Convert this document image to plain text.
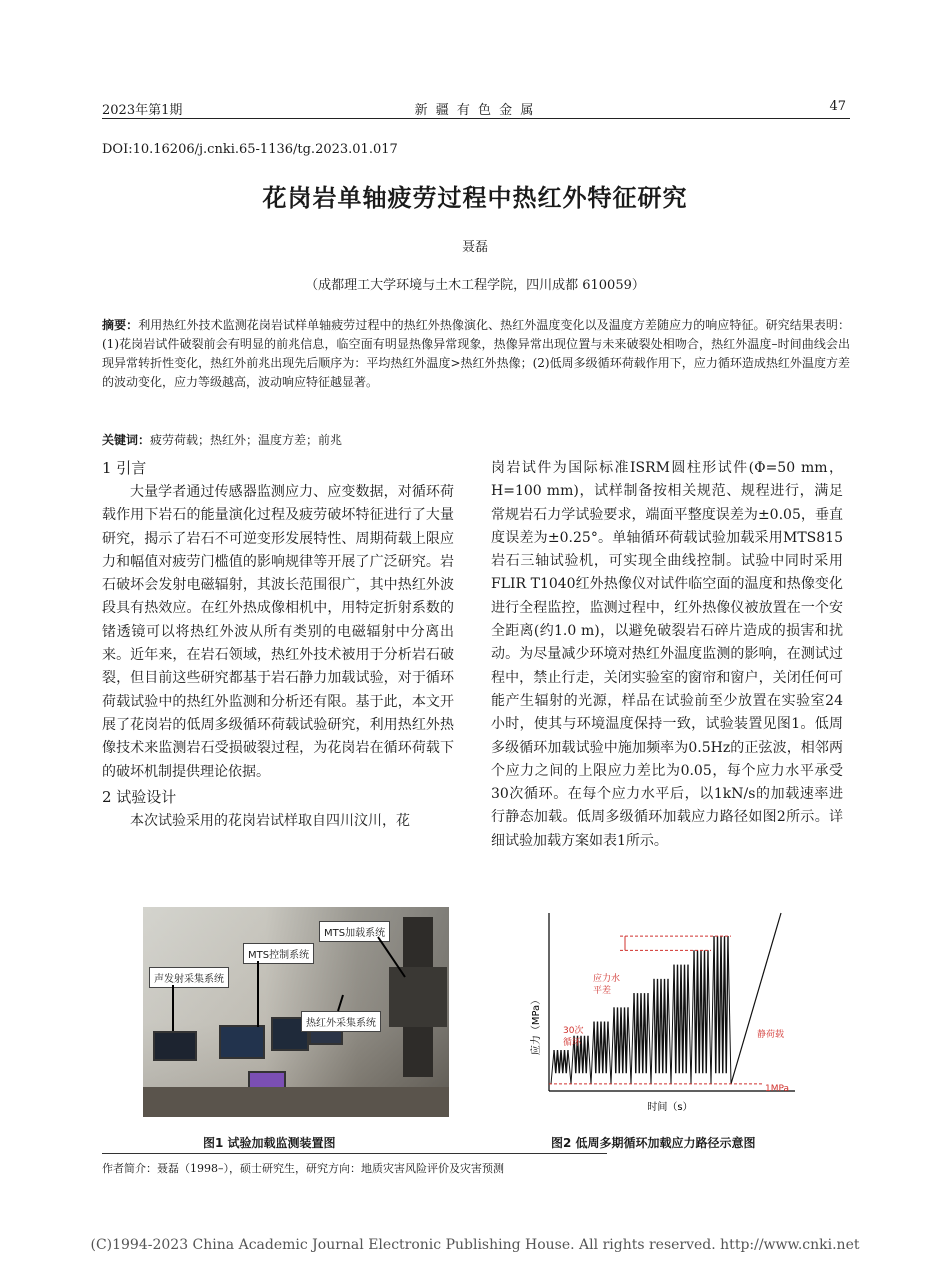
2023年第1期	新 疆 有 色 金 属	47
DOI:10.16206/j.cnki.65-1136/tg.2023.01.017
花岗岩单轴疲劳过程中热红外特征研究
聂磊
（成都理工大学环境与土木工程学院，四川成都 610059）
摘要：利用热红外技术监测花岗岩试样单轴疲劳过程中的热红外热像演化、热红外温度变化以及温度方差随应力的响应特征。研究结果表明：(1)花岗岩试件破裂前会有明显的前兆信息，临空面有明显热像异常现象，热像异常出现位置与未来破裂处相吻合，热红外温度–时间曲线会出现异常转折性变化，热红外前兆出现先后顺序为：平均热红外温度>热红外热像；(2)低周多级循环荷载作用下，应力循环造成热红外温度方差的波动变化，应力等级越高，波动响应特征越显著。
关键词：疲劳荷载；热红外；温度方差；前兆
1 引言

大量学者通过传感器监测应力、应变数据，对循环荷载作用下岩石的能量演化过程及疲劳破坏特征进行了大量研究，揭示了岩石不可逆变形发展特性、周期荷载上限应力和幅值对疲劳门槛值的影响规律等开展了广泛研究。岩石破坏会发射电磁辐射，其波长范围很广，其中热红外波段具有热效应。在红外热成像相机中，用特定折射系数的锗透镜可以将热红外波从所有类别的电磁辐射中分离出来。近年来，在岩石领域，热红外技术被用于分析岩石破裂，但目前这些研究都基于岩石静力加载试验，对于循环荷载试验中的热红外监测和分析还有限。基于此，本文开展了花岗岩的低周多级循环荷载试验研究，利用热红外热像技术来监测岩石受损破裂过程，为花岗岩在循环荷载下的破坏机制提供理论依据。

2 试验设计

本次试验采用的花岗岩试样取自四川汶川，花

岗岩试件为国际标准ISRM圆柱形试件(Φ=50 mm，H=100 mm)，试样制备按相关规范、规程进行，满足常规岩石力学试验要求，端面平整度误差为±0.05，垂直度误差为±0.25°。单轴循环荷载试验加载采用MTS815岩石三轴试验机，可实现全曲线控制。试验中同时采用FLIR T1040红外热像仪对试件临空面的温度和热像变化进行全程监控，监测过程中，红外热像仪被放置在一个安全距离(约1.0 m)，以避免破裂岩石碎片造成的损害和扰动。为尽量减少环境对热红外温度监测的影响，在测试过程中，禁止行走，关闭实验室的窗帘和窗户，关闭任何可能产生辐射的光源，样品在试验前至少放置在实验室24小时，使其与环境温度保持一致，试验装置见图1。低周多级循环加载试验中施加频率为0.5Hz的正弦波，相邻两个应力之间的上限应力差比为0.05，每个应力水平承受30次循环。在每个应力水平后，以1kN/s的加载速率进行静态加载。低周多级循环加载应力路径如图2所示。详细试验加载方案如表1所示。

MTS加载系统
MTS控制系统
声发射采集系统
热红外采集系统
图1 试验加载监测装置图
应力（MPa）
时间（s）
应力水
平差
30次
循环
静荷载
1MPa
图2 低周多期循环加载应力路径示意图
作者简介：聂磊（1998–），硕士研究生，研究方向：地质灾害风险评价及灾害预测
(C)1994-2023 China Academic Journal Electronic Publishing House. All rights reserved. http://www.cnki.net
